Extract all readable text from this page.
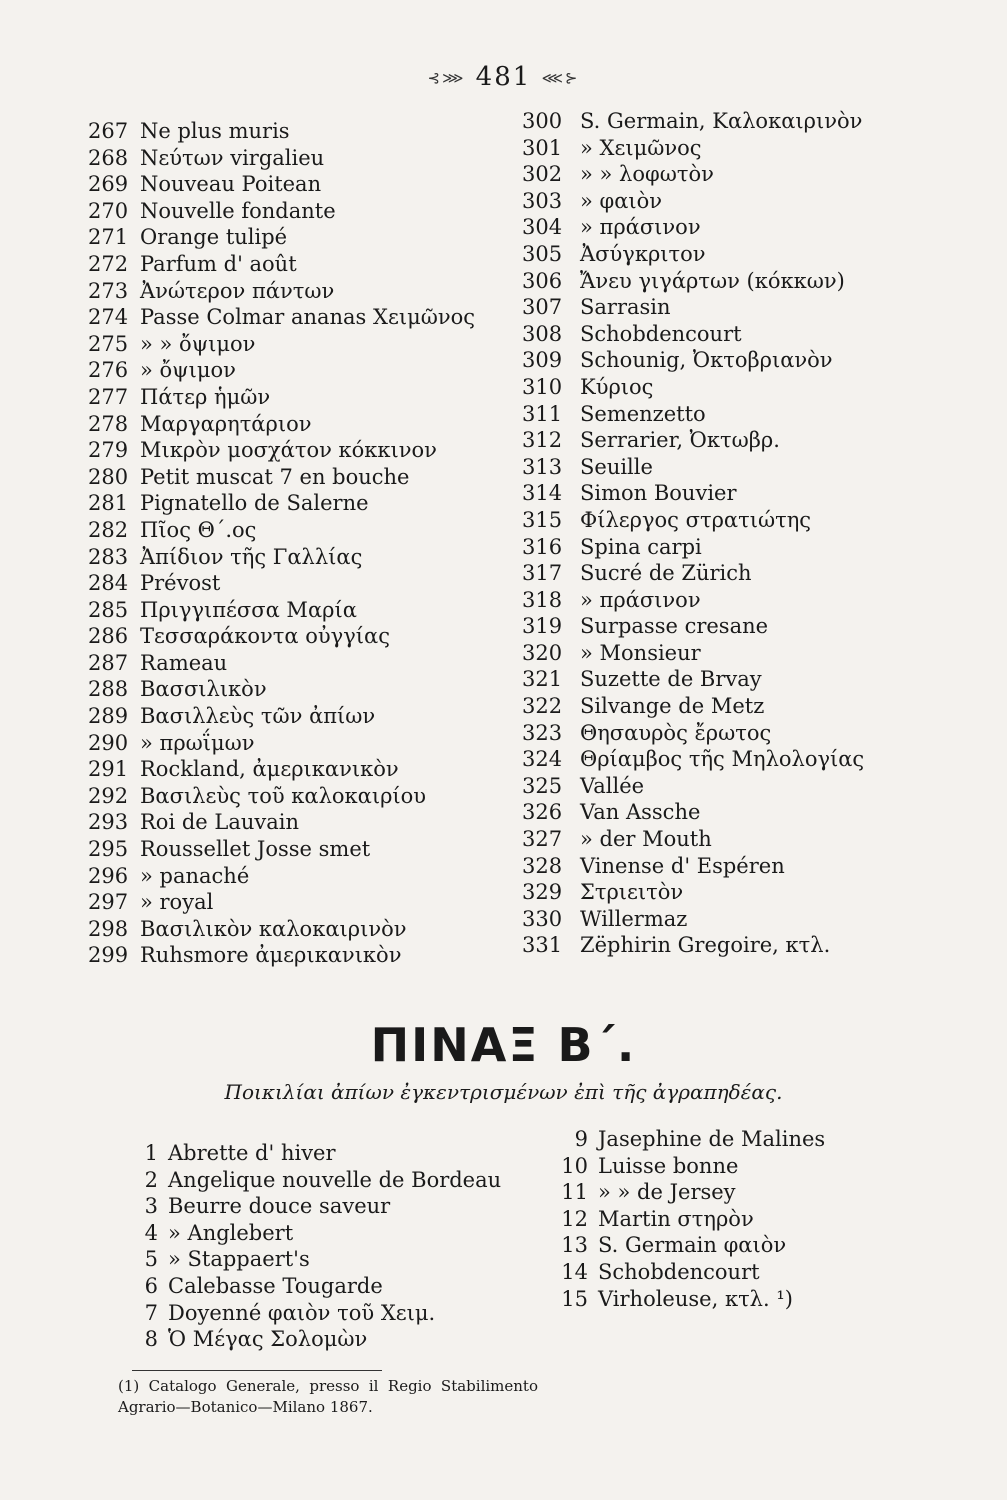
⊰⋙ 481 ⋘⊱
267 Ne plus muris
268 Νεύτων virgalieu
269 Nouveau Poitean
270 Nouvelle fondante
271 Orange tulipé
272 Parfum d' août
273 Ἀνώτερον πάντων
274 Passe Colmar ananas Χειμῶνος
275 » » ὄψιμον
276 » ὄψιμον
277 Πάτερ ἡμῶν
278 Μαργαρητάριον
279 Μικρὸν μοσχάτον κόκκινον
280 Petit muscat 7 en bouche
281 Pignatello de Salerne
282 Πῖος Θ΄.ος
283 Ἀπίδιον τῆς Γαλλίας
284 Prévost
285 Πριγγιπέσσα Μαρία
286 Τεσσαράκοντα οὐγγίας
287 Rameau
288 Βασσιλικὸν
289 Βασιλλεὺς τῶν ἀπίων
290 » πρωΐμων
291 Rockland, ἀμερικανικὸν
292 Βασιλεὺς τοῦ καλοκαιρίου
293 Roi de Lauvain
295 Roussellet Josse smet
296 » panaché
297 » royal
298 Βασιλικὸν καλοκαιρινὸν
299 Ruhsmore ἀμερικανικὸν
300 S. Germain, Καλοκαιρινὸν
301 » Χειμῶνος
302 » » λοφωτὸν
303 » φαιὸν
304 » πράσινον
305 Ἀσύγκριτον
306 Ἄνευ γιγάρτων (κόκκων)
307 Sarrasin
308 Schobdencourt
309 Schounig, Ὀκτοβριανὸν
310 Κύριος
311 Semenzetto
312 Serrarier, Ὀκτωβρ.
313 Seuille
314 Simon Bouvier
315 Φίλεργος στρατιώτης
316 Spina carpi
317 Sucré de Zürich
318 » πράσινον
319 Surpasse cresane
320 » Monsieur
321 Suzette de Brvay
322 Silvange de Metz
323 Θησαυρὸς ἔρωτος
324 Θρίαμβος τῆς Μηλολογίας
325 Vallée
326 Van Assche
327 » der Mouth
328 Vinense d' Espéren
329 Στριειτὸν
330 Willermaz
331 Zëphirin Gregoire, κτλ.
ΠΙΝΑΞ Β΄.
Ποικιλίαι ἀπίων ἐγκεντρισμένων ἐπὶ τῆς ἀγραπηδέας.
1 Abrette d' hiver
2 Angelique nouvelle de Bordeau
3 Beurre douce saveur
4 » Anglebert
5 » Stappaert's
6 Calebasse Tougarde
7 Doyenné φαιὸν τοῦ Χειμ.
8 Ὁ Μέγας Σολομὼν
9 Jasephine de Malines
10 Luisse bonne
11 » » de Jersey
12 Martin στηρὸν
13 S. Germain φαιὸν
14 Schobdencourt
15 Virholeuse, κτλ. ¹)
(1) Catalogo Generale, presso il Regio Stabilimento Agrario—Botanico—Milano 1867.
